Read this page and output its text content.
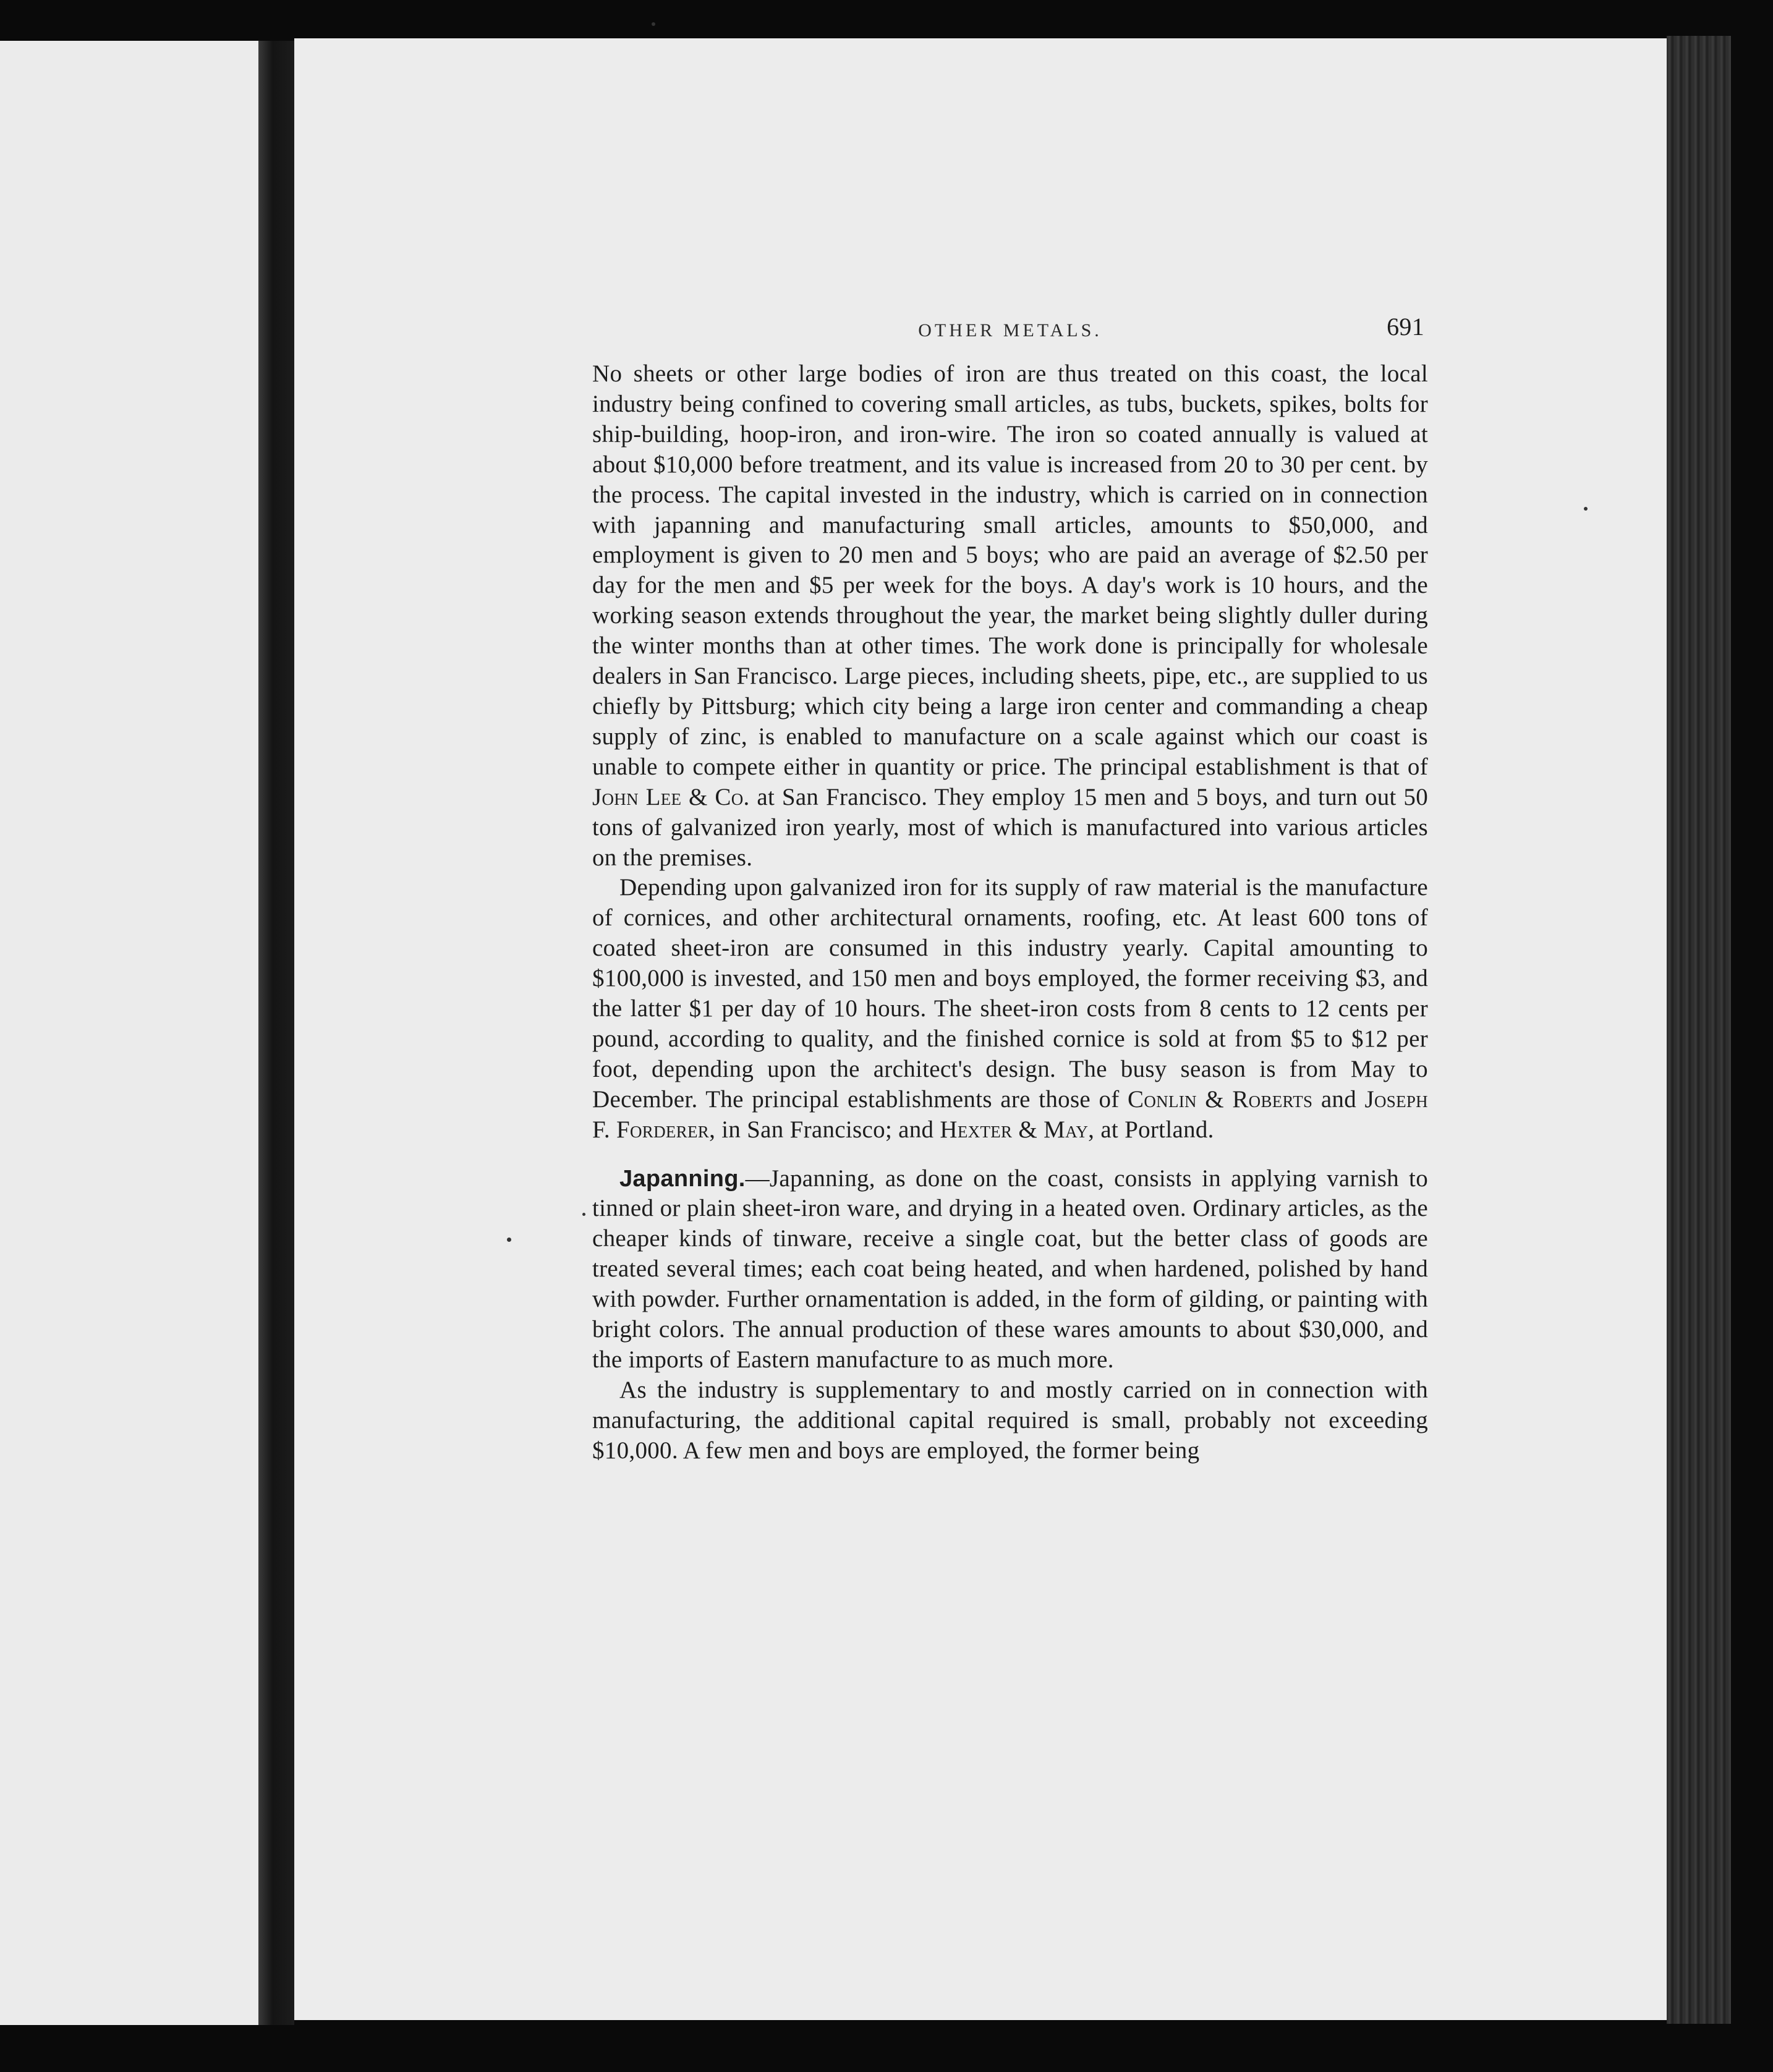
OTHER METALS.	691

No sheets or other large bodies of iron are thus treated on this coast, the local industry being confined to covering small articles, as tubs, buckets, spikes, bolts for ship-building, hoop-iron, and iron-wire. The iron so coated annually is valued at about $10,000 before treatment, and its value is increased from 20 to 30 per cent. by the process. The capital invested in the industry, which is carried on in connection with japanning and manufacturing small articles, amounts to $50,000, and employment is given to 20 men and 5 boys; who are paid an average of $2.50 per day for the men and $5 per week for the boys. A day's work is 10 hours, and the working season extends throughout the year, the market being slightly duller during the winter months than at other times. The work done is principally for wholesale dealers in San Francisco. Large pieces, including sheets, pipe, etc., are supplied to us chiefly by Pittsburg; which city being a large iron center and commanding a cheap supply of zinc, is enabled to manufacture on a scale against which our coast is unable to compete either in quantity or price. The principal establishment is that of John Lee & Co. at San Francisco. They employ 15 men and 5 boys, and turn out 50 tons of galvanized iron yearly, most of which is manufactured into various articles on the premises.

Depending upon galvanized iron for its supply of raw material is the manufacture of cornices, and other architectural ornaments, roofing, etc. At least 600 tons of coated sheet-iron are consumed in this industry yearly. Capital amounting to $100,000 is invested, and 150 men and boys employed, the former receiving $3, and the latter $1 per day of 10 hours. The sheet-iron costs from 8 cents to 12 cents per pound, according to quality, and the finished cornice is sold at from $5 to $12 per foot, depending upon the architect's design. The busy season is from May to December. The principal establishments are those of Conlin & Roberts and Joseph F. Forderer, in San Francisco; and Hexter & May, at Portland.

Japanning.—Japanning, as done on the coast, consists in applying varnish to tinned or plain sheet-iron ware, and drying in a heated oven. Ordinary articles, as the cheaper kinds of tinware, receive a single coat, but the better class of goods are treated several times; each coat being heated, and when hardened, polished by hand with powder. Further ornamentation is added, in the form of gilding, or painting with bright colors. The annual production of these wares amounts to about $30,000, and the imports of Eastern manufacture to as much more.

As the industry is supplementary to and mostly carried on in connection with manufacturing, the additional capital required is small, probably not exceeding $10,000. A few men and boys are employed, the former being
